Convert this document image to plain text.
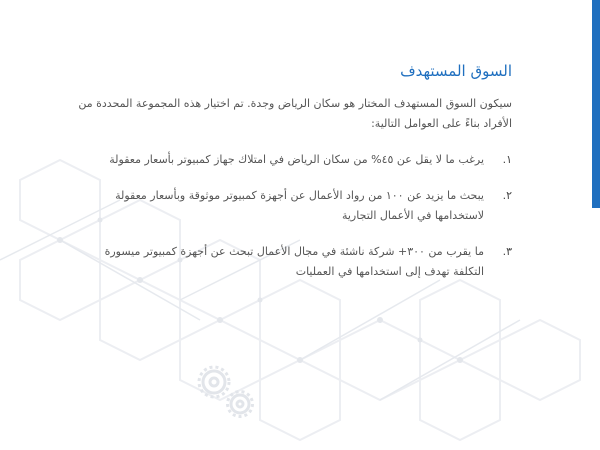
السوق المستهدف

سيكون السوق المستهدف المختار هو سكان الرياض وجدة. تم اختيار هذه المجموعة المحددة من الأفراد بناءً على العوامل التالية:

١.
يرغب ما لا يقل عن ٤٥% من سكان الرياض في امتلاك جهاز كمبيوتر بأسعار معقولة
٢.
يبحث ما يزيد عن ١٠٠ من رواد الأعمال عن أجهزة كمبيوتر موثوقة وبأسعار معقولة لاستخدامها في الأعمال التجارية
٣.
ما يقرب من ٣٠٠+ شركة ناشئة في مجال الأعمال تبحث عن أجهزة كمبيوتر ميسورة التكلفة تهدف إلى استخدامها في العمليات
